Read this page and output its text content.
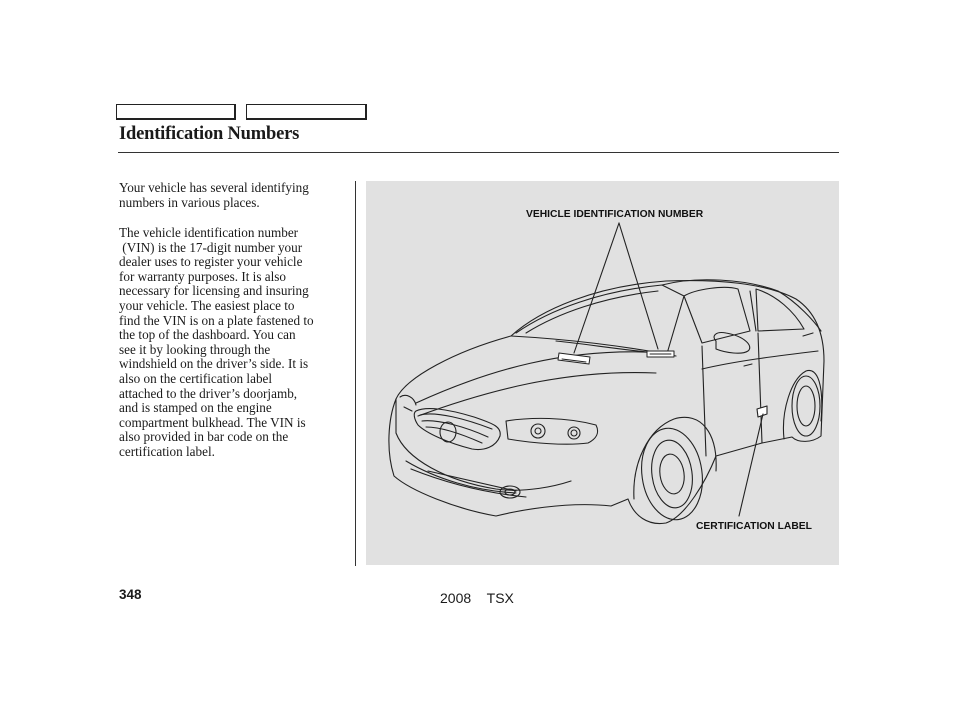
Identification Numbers
Your vehicle has several identifying
numbers in various places.
The vehicle identification number
(VIN) is the 17-digit number your
dealer uses to register your vehicle
for warranty purposes. It is also
necessary for licensing and insuring
your vehicle. The easiest place to
find the VIN is on a plate fastened to
the top of the dashboard. You can
see it by looking through the
windshield on the driver’s side. It is
also on the certification label
attached to the driver’s doorjamb,
and is stamped on the engine
compartment bulkhead. The VIN is
also provided in bar code on the
certification label.
VEHICLE IDENTIFICATION NUMBER
CERTIFICATION LABEL
348	2008  TSX
